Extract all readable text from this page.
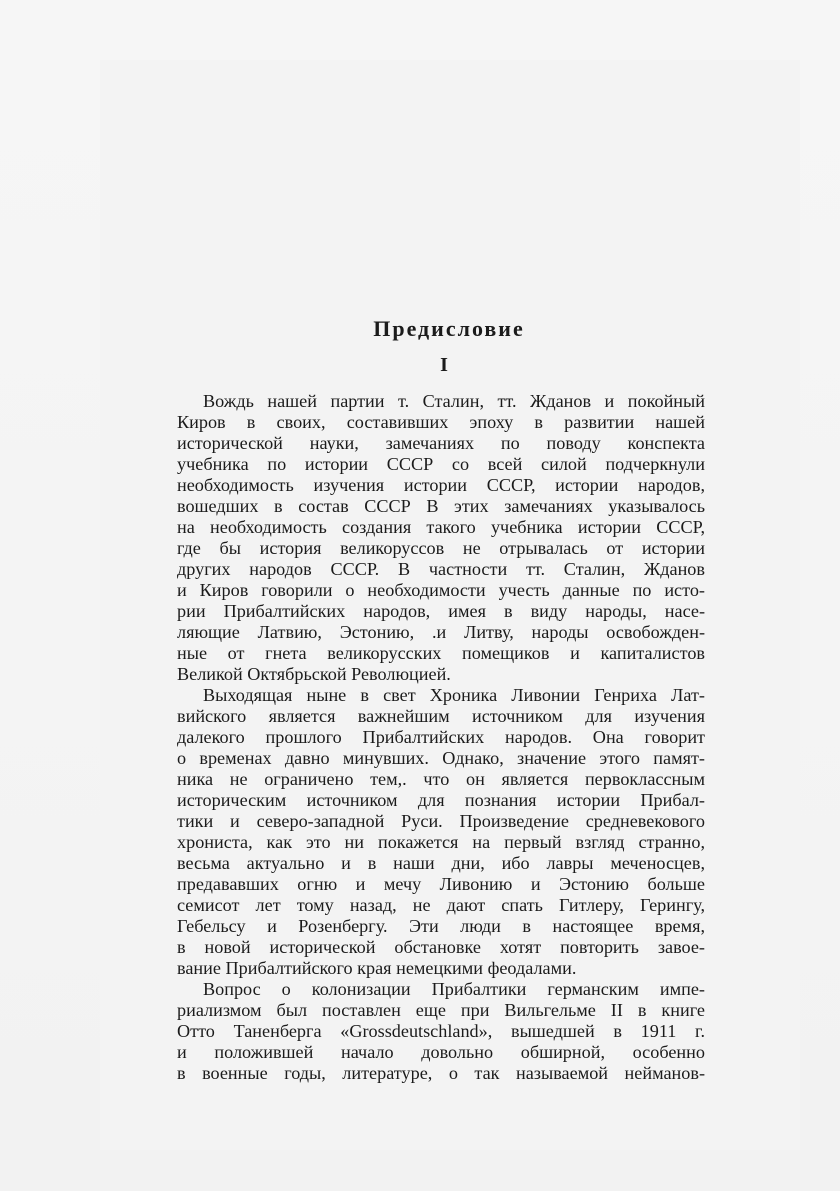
Предисловие
I

Вождь нашей партии т. Сталин, тт. Жданов и покойный
Киров в своих, составивших эпоху в развитии нашей
исторической науки, замечаниях по поводу конспекта
учебника по истории СССР со всей силой подчеркнули
необходимость изучения истории СССР, истории народов,
вошедших в состав СССР В этих замечаниях указывалось
на необходимость создания такого учебника истории СССР,
где бы история великоруссов не отрывалась от истории
других народов СССР. В частности тт. Сталин, Жданов
и Киров говорили о необходимости учесть данные по исто-
рии Прибалтийских народов, имея в виду народы, насе-
ляющие Латвию, Эстонию, .и Литву, народы освобожден-
ные от гнета великорусских помещиков и капиталистов
Великой Октябрьской Революцией.

Выходящая ныне в свет Хроника Ливонии Генриха Лат-
вийского является важнейшим источником для изучения
далекого прошлого Прибалтийских народов. Она говорит
о временах давно минувших. Однако, значение этого памят-
ника не ограничено тем,. что он является первоклассным
историческим источником для познания истории Прибал-
тики и северо-западной Руси. Произведение средневекового
хрониста, как это ни покажется на первый взгляд странно,
весьма актуально и в наши дни, ибо лавры меченосцев,
предававших огню и мечу Ливонию и Эстонию больше
семисот лет тому назад, не дают спать Гитлеру, Герингу,
Гебельсу и Розенбергу. Эти люди в настоящее время,
в новой исторической обстановке хотят повторить завое-
вание Прибалтийского края немецкими феодалами.

Вопрос о колонизации Прибалтики германским импе-
риализмом был поставлен еще при Вильгельме II в книге
Отто Таненберга «Grossdeutschland», вышедшей в 1911 г.
и положившей начало довольно обширной, особенно
в военные годы, литературе, о так называемой нейманов-
